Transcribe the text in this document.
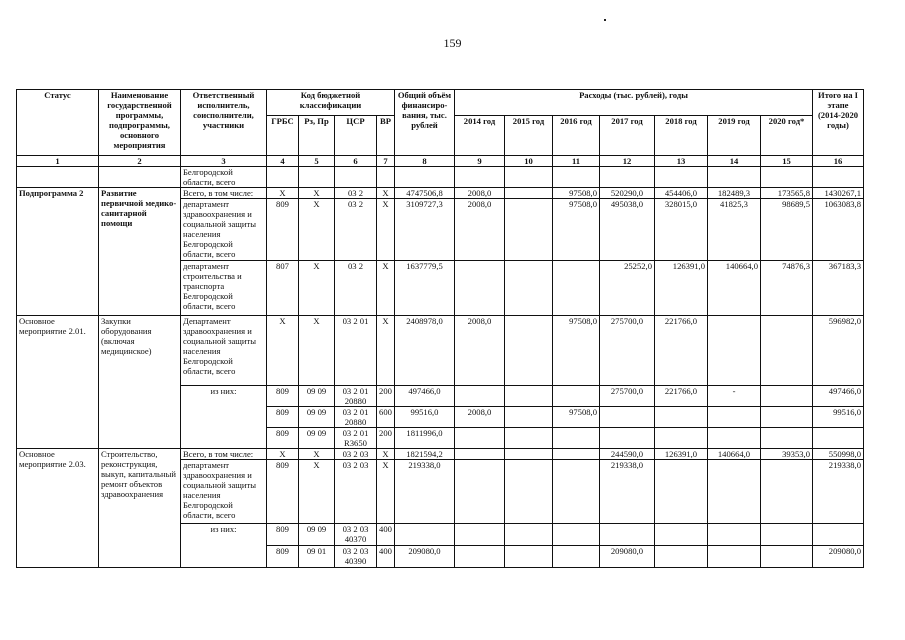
159
Статус	Наименование государственной программы, подпрограммы, основного мероприятия	Ответственный исполнитель, соисполнители, участники	Код бюджетной классификации				Общий объём финансиро-вания, тыс. рублей	Расходы (тыс. рублей), годы							Итого на I этапе (2014-2020 годы)
			ГРБС	Рз, Пр	ЦСР	ВР		2014 год	2015 год	2016 год	2017 год	2018 год	2019 год	2020 год*	
1	2	3	4	5	6	7	8	9	10	11	12	13	14	15	16
		Белгородской области, всего													
Подпрограмма 2	Развитие первичной медико-санитарной помощи	Всего, в том числе:	X	X	03 2	X	4747506,8	2008,0		97508,0	520290,0	454406,0	182489,3	173565,8	1430267,1
		департамент здравоохранения и социальной защиты населения Белгородской области, всего	809	X	03 2	X	3109727,3	2008,0		97508,0	495038,0	328015,0	41825,3	98689,5	1063083,8
		департамент строительства и транспорта Белгородской области, всего	807	X	03 2	X	1637779,5				25252,0	126391,0	140664,0	74876,3	367183,3
Основное мероприятие 2.01.	Закупки оборудования (включая медицинское)	Департамент здравоохранения и социальной защиты населения Белгородской области, всего	X	X	03 2 01	X	2408978,0	2008,0		97508,0	275700,0	221766,0			596982,0
		из них:	809	09 09	03 2 01 20880	200	497466,0				275700,0	221766,0	-		497466,0
			809	09 09	03 2 01 20880	600	99516,0	2008,0		97508,0					99516,0
			809	09 09	03 2 01 R3650	200	1811996,0								
Основное мероприятие 2.03.	Строительство, реконструкция, выкуп, капитальный ремонт объектов здравоохранения	Всего, в том числе:	X	X	03 2 03	X	1821594,2				244590,0	126391,0	140664,0	39353,0	550998,0
		департамент здравоохранения и социальной защиты населения Белгородской области, всего	809	X	03 2 03	X	219338,0				219338,0				219338,0
		из них:	809	09 09	03 2 03 40370	400									
			809	09 01	03 2 03 40390	400	209080,0				209080,0				209080,0
